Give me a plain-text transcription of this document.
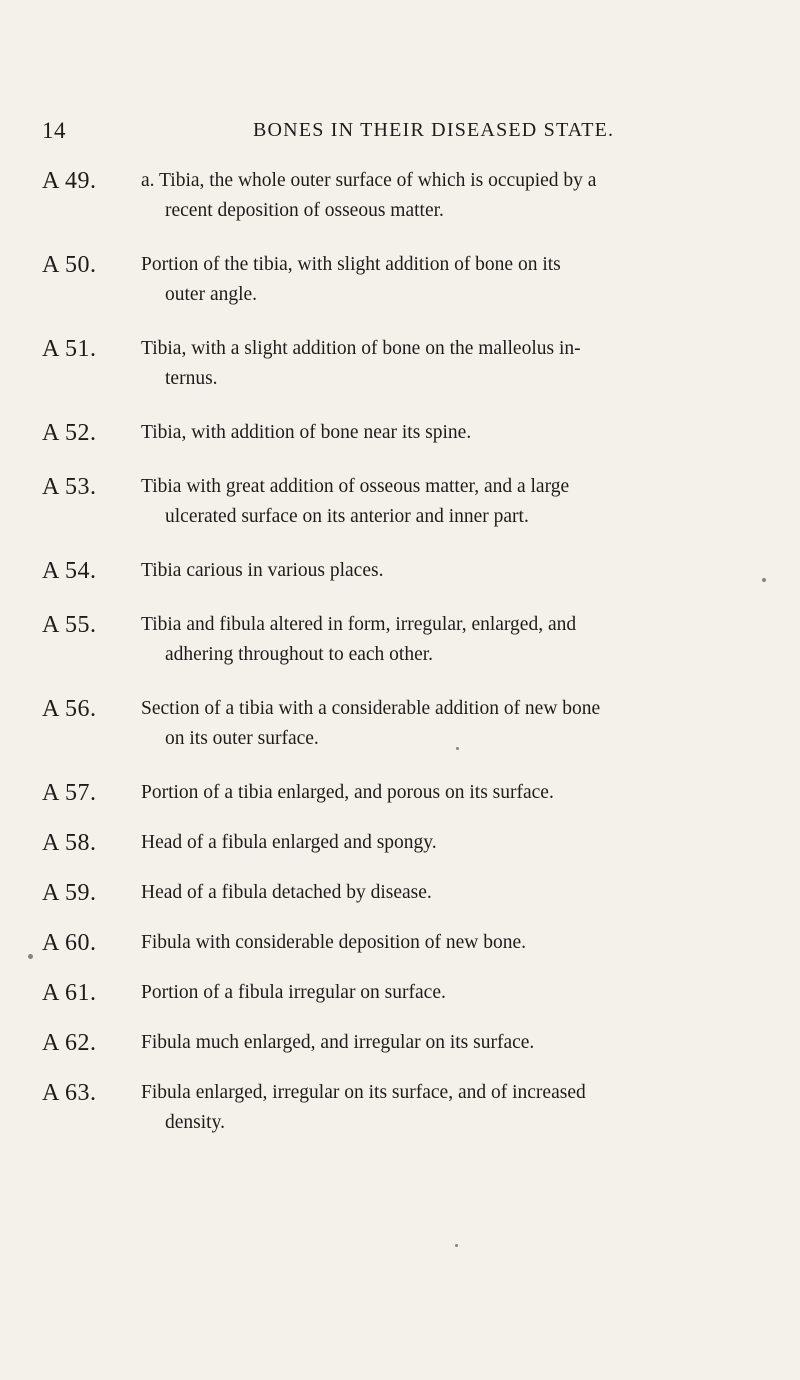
14	BONES IN THEIR DISEASED STATE.
A 49.	a. Tibia, the whole outer surface of which is occupied by a
recent deposition of osseous matter.
A 50.	Portion of the tibia, with slight addition of bone on its
outer angle.
A 51.	Tibia, with a slight addition of bone on the malleolus in-
ternus.
A 52.	Tibia, with addition of bone near its spine.
A 53.	Tibia with great addition of osseous matter, and a large
ulcerated surface on its anterior and inner part.
A 54.	Tibia carious in various places.
A 55.	Tibia and fibula altered in form, irregular, enlarged, and
adhering throughout to each other.
A 56.	Section of a tibia with a considerable addition of new bone
on its outer surface.
A 57.	Portion of a tibia enlarged, and porous on its surface.
A 58.	Head of a fibula enlarged and spongy.
A 59.	Head of a fibula detached by disease.
A 60.	Fibula with considerable deposition of new bone.
A 61.	Portion of a fibula irregular on surface.
A 62.	Fibula much enlarged, and irregular on its surface.
A 63.	Fibula enlarged, irregular on its surface, and of increased
density.
